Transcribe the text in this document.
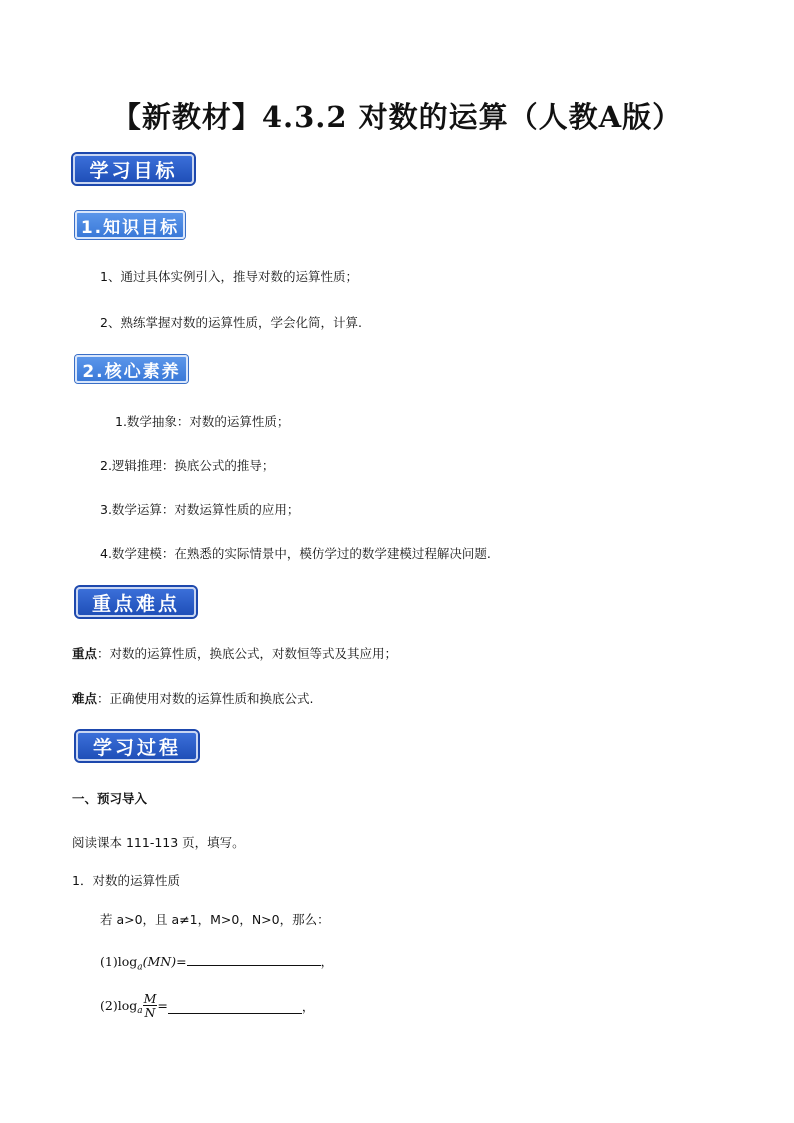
【新教材】4.3.2 对数的运算（人教A版）
学习目标
1.知识目标
1、通过具体实例引入，推导对数的运算性质；
2、熟练掌握对数的运算性质，学会化简，计算.
2.核心素养
1.数学抽象：对数的运算性质；
2.逻辑推理：换底公式的推导；
3.数学运算：对数运算性质的应用；
4.数学建模：在熟悉的实际情景中，模仿学过的数学建模过程解决问题.
重点难点
重点：对数的运算性质，换底公式，对数恒等式及其应用；
难点：正确使用对数的运算性质和换底公式.
学习过程
一、预习导入
阅读课本 111-113 页，填写。
1．对数的运算性质
若 a>0，且 a≠1，M>0，N>0，那么：
$(1)\log_a(MN)=$	，
(2)log $_a \frac{M}{N}$ =	，
